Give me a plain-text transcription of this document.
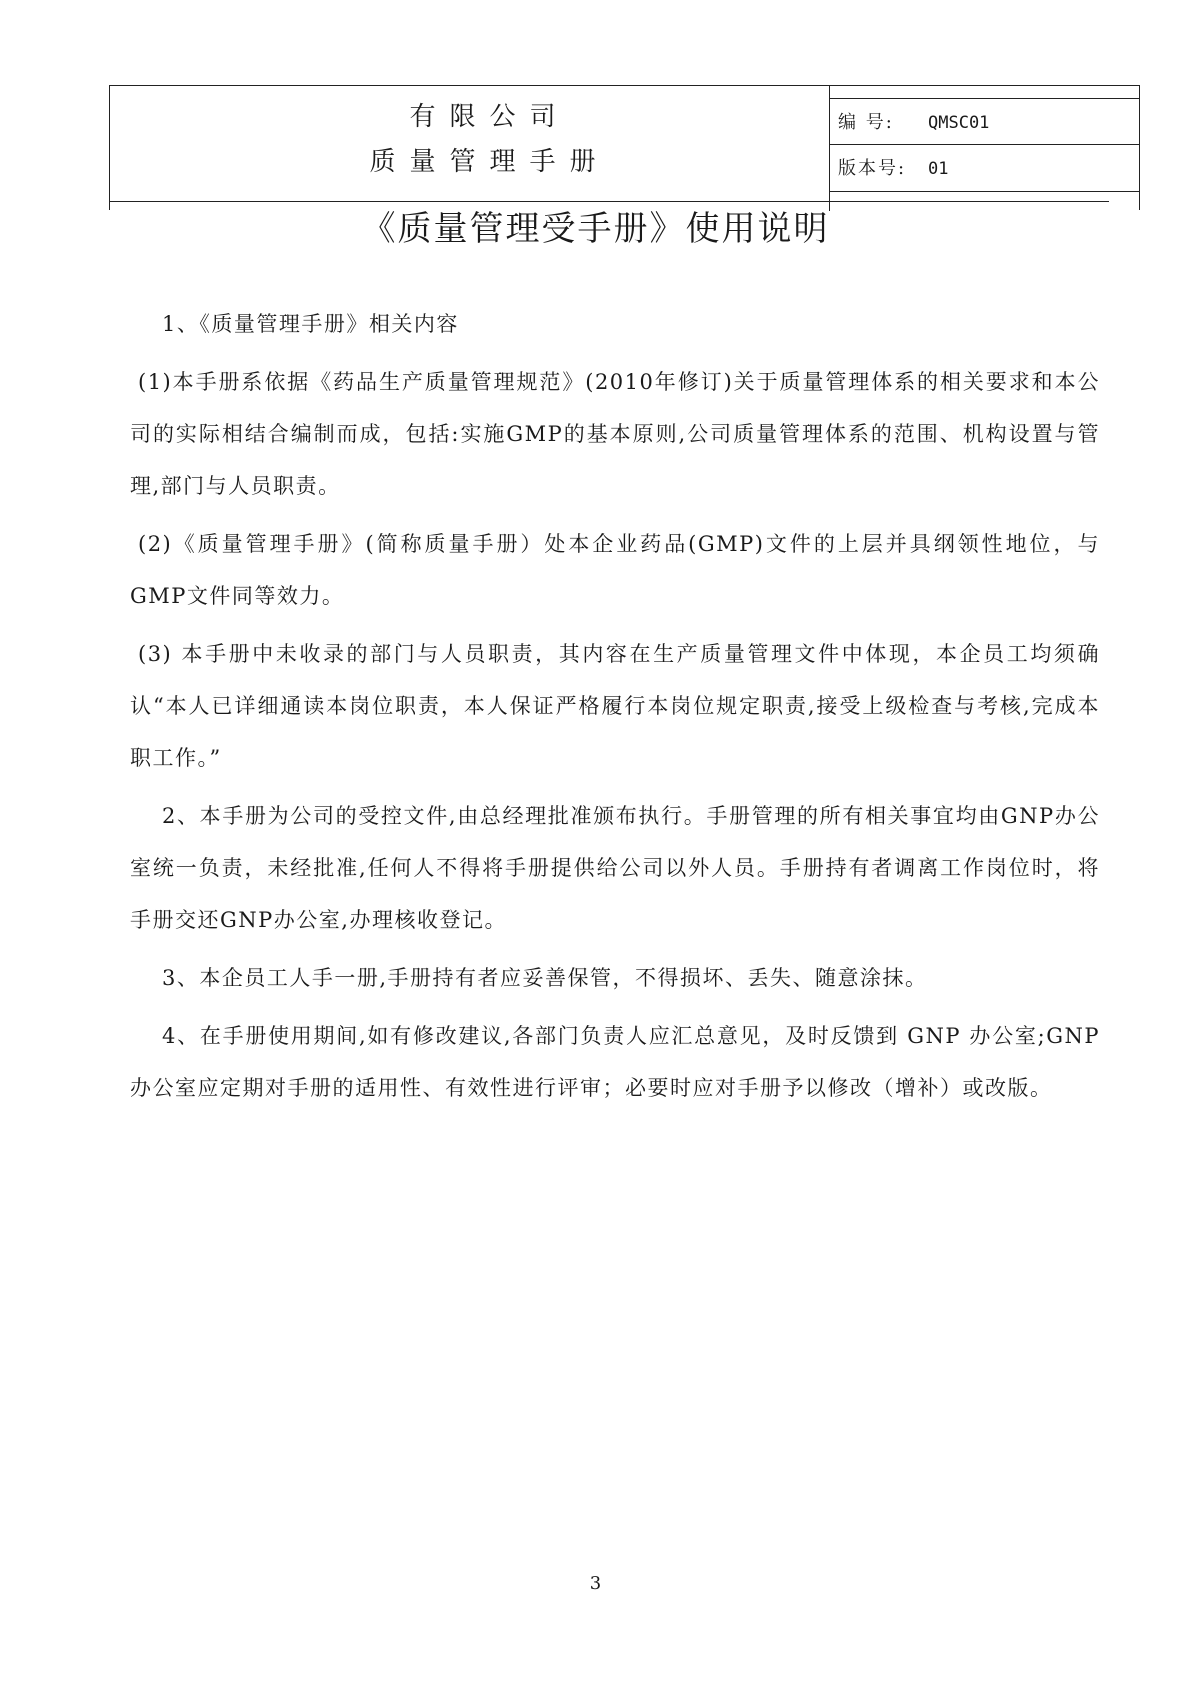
有限公司
质量管理手册
编 号: QMSC01
版本号: 01
《质量管理受手册》使用说明

1、《质量管理手册》相关内容

(1)本手册系依据《药品生产质量管理规范》(2010年修订)关于质量管理体系的相关要求和本公司的实际相结合编制而成，包括:实施GMP的基本原则,公司质量管理体系的范围、机构设置与管理,部门与人员职责。

(2)《质量管理手册》(简称质量手册）处本企业药品(GMP)文件的上层并具纲领性地位，与GMP文件同等效力。

(3) 本手册中未收录的部门与人员职责，其内容在生产质量管理文件中体现，本企员工均须确认“本人已详细通读本岗位职责，本人保证严格履行本岗位规定职责,接受上级检查与考核,完成本职工作。”

2、本手册为公司的受控文件,由总经理批准颁布执行。手册管理的所有相关事宜均由GNP办公室统一负责，未经批准,任何人不得将手册提供给公司以外人员。手册持有者调离工作岗位时，将手册交还GNP办公室,办理核收登记。

3、本企员工人手一册,手册持有者应妥善保管，不得损坏、丢失、随意涂抹。

4、在手册使用期间,如有修改建议,各部门负责人应汇总意见，及时反馈到 GNP 办公室;GNP办公室应定期对手册的适用性、有效性进行评审；必要时应对手册予以修改（增补）或改版。

3
